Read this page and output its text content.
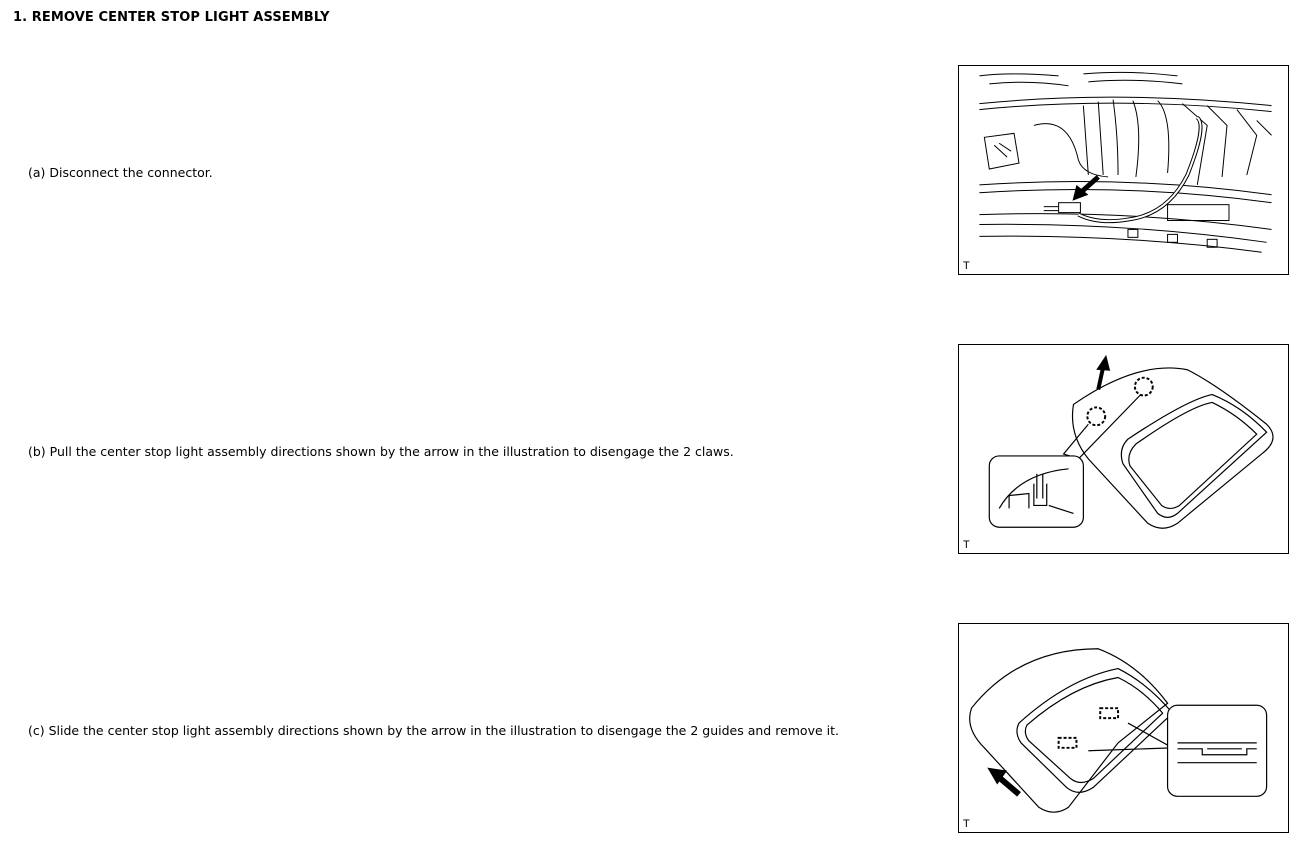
1. REMOVE CENTER STOP LIGHT ASSEMBLY
(a) Disconnect the connector.
T
(b) Pull the center stop light assembly directions shown by the arrow in the illustration to disengage the 2 claws.
T
(c) Slide the center stop light assembly directions shown by the arrow in the illustration to disengage the 2 guides and remove it.
T
